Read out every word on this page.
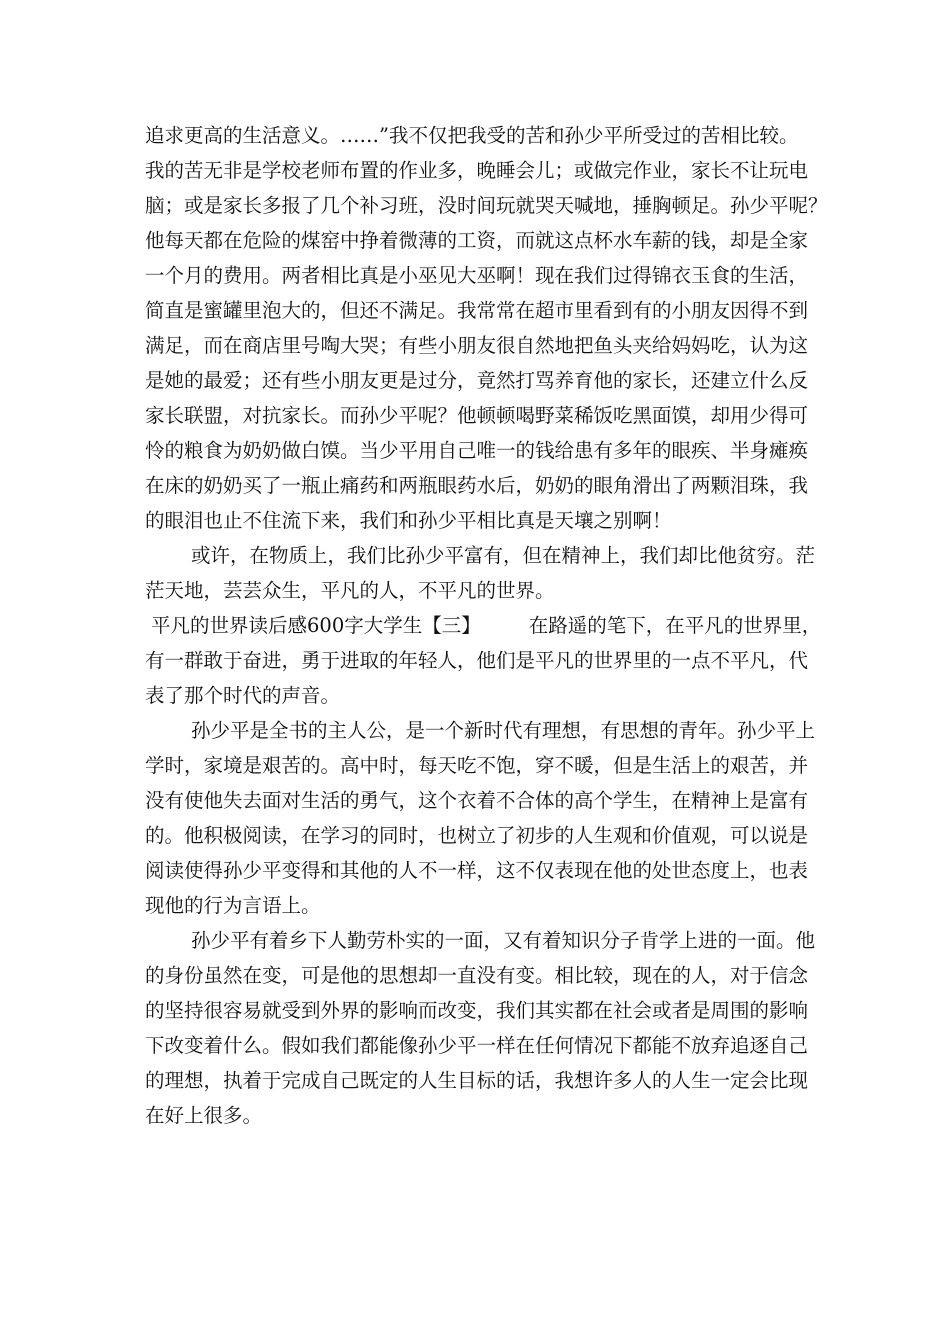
追求更高的生活意义。……”我不仅把我受的苦和孙少平所受过的苦相比较。
我的苦无非是学校老师布置的作业多，晚睡会儿；或做完作业，家长不让玩电
脑；或是家长多报了几个补习班，没时间玩就哭天喊地，捶胸顿足。孙少平呢？
他每天都在危险的煤窑中挣着微薄的工资，而就这点杯水车薪的钱，却是全家
一个月的费用。两者相比真是小巫见大巫啊！现在我们过得锦衣玉食的生活，
简直是蜜罐里泡大的，但还不满足。我常常在超市里看到有的小朋友因得不到
满足，而在商店里号啕大哭；有些小朋友很自然地把鱼头夹给妈妈吃，认为这
是她的最爱；还有些小朋友更是过分，竟然打骂养育他的家长，还建立什么反
家长联盟，对抗家长。而孙少平呢？他顿顿喝野菜稀饭吃黑面馍，却用少得可
怜的粮食为奶奶做白馍。当少平用自己唯一的钱给患有多年的眼疾、半身瘫痪
在床的奶奶买了一瓶止痛药和两瓶眼药水后，奶奶的眼角滑出了两颗泪珠，我
的眼泪也止不住流下来，我们和孙少平相比真是天壤之别啊！
或许，在物质上，我们比孙少平富有，但在精神上，我们却比他贫穷。茫
茫天地，芸芸众生，平凡的人，不平凡的世界。
平凡的世界读后感600字大学生【三】 在路遥的笔下，在平凡的世界里，
有一群敢于奋进，勇于进取的年轻人，他们是平凡的世界里的一点不平凡，代
表了那个时代的声音。
孙少平是全书的主人公，是一个新时代有理想，有思想的青年。孙少平上
学时，家境是艰苦的。高中时，每天吃不饱，穿不暖，但是生活上的艰苦，并
没有使他失去面对生活的勇气，这个衣着不合体的高个学生，在精神上是富有
的。他积极阅读，在学习的同时，也树立了初步的人生观和价值观，可以说是
阅读使得孙少平变得和其他的人不一样，这不仅表现在他的处世态度上，也表
现他的行为言语上。
孙少平有着乡下人勤劳朴实的一面，又有着知识分子肯学上进的一面。他
的身份虽然在变，可是他的思想却一直没有变。相比较，现在的人，对于信念
的坚持很容易就受到外界的影响而改变，我们其实都在社会或者是周围的影响
下改变着什么。假如我们都能像孙少平一样在任何情况下都能不放弃追逐自己
的理想，执着于完成自己既定的人生目标的话，我想许多人的人生一定会比现
在好上很多。
